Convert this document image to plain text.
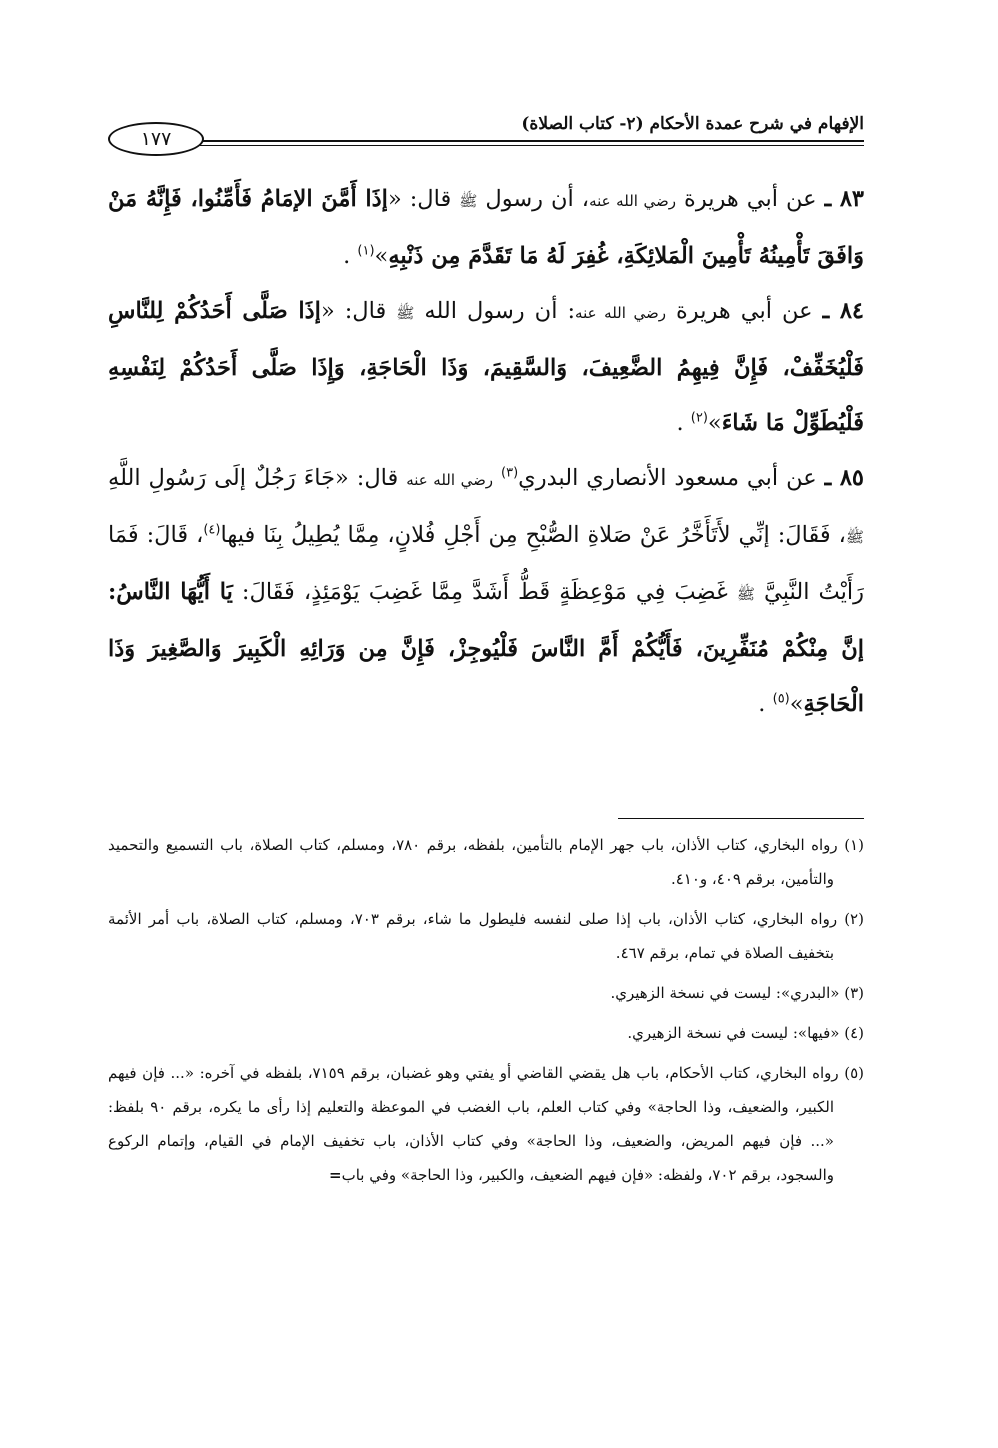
الإفهام في شرح عمدة الأحكام (٢- كتاب الصلاة)
١٧٧

٨٣ ـ عن أبي هريرة رضي الله عنه، أن رسول ﷺ قال: «إذَا أَمَّنَ الإمَامُ فَأَمِّنُوا، فَإِنَّهُ مَنْ وَافَقَ تَأْمِينُهُ تَأْمِينَ الْمَلائِكَةِ، غُفِرَ لَهُ مَا تَقَدَّمَ مِن ذَنْبِهِ»$^{(١)}$ .

٨٤ ـ عن أبي هريرة رضي الله عنه: أن رسول الله ﷺ قال: «إذَا صَلَّى أَحَدُكُمْ لِلنَّاسِ فَلْيُخَفِّفْ، فَإِنَّ فِيهِمُ الضَّعِيفَ، وَالسَّقِيمَ، وَذَا الْحَاجَةِ، وَإِذَا صَلَّى أَحَدُكُمْ لِنَفْسِهِ فَلْيُطَوِّلْ مَا شَاءَ»$^{(٢)}$ .

٨٥ ـ عن أبي مسعود الأنصاري البدري$^{(٣)}$ رضي الله عنه قال: «جَاءَ رَجُلٌ إلَى رَسُولِ اللَّهِ ﷺ، فَقَالَ: إنِّي لأَتَأَخَّرُ عَنْ صَلاةِ الصُّبْحِ مِن أَجْلِ فُلانٍ، مِمَّا يُطِيلُ بِنَا فيها$^{(٤)}$، قَالَ: فَمَا رَأَيْتُ النَّبِيَّ ﷺ غَضِبَ فِي مَوْعِظَةٍ قَطُّ أَشَدَّ مِمَّا غَضِبَ يَوْمَئِذٍ، فَقَالَ: يَا أَيُّهَا النَّاسُ: إنَّ مِنْكُمْ مُنَفِّرِينَ، فَأَيُّكُمْ أَمَّ النَّاسَ فَلْيُوجِزْ، فَإِنَّ مِن وَرَائِهِ الْكَبِيرَ وَالصَّغِيرَ وَذَا الْحَاجَةِ»$^{(٥)}$ .

(١) رواه البخاري، كتاب الأذان، باب جهر الإمام بالتأمين، بلفظه، برقم ٧٨٠، ومسلم، كتاب الصلاة، باب التسميع والتحميد والتأمين، برقم ٤٠٩، و٤١٠.

(٢) رواه البخاري، كتاب الأذان، باب إذا صلى لنفسه فليطول ما شاء، برقم ٧٠٣، ومسلم، كتاب الصلاة، باب أمر الأئمة بتخفيف الصلاة في تمام، برقم ٤٦٧.

(٣) «البدري»: ليست في نسخة الزهيري.

(٤) «فيها»: ليست في نسخة الزهيري.

(٥) رواه البخاري، كتاب الأحكام، باب هل يقضي القاضي أو يفتي وهو غضبان، برقم ٧١٥٩، بلفظه في آخره: «... فإن فيهم الكبير، والضعيف، وذا الحاجة» وفي كتاب العلم، باب الغضب في الموعظة والتعليم إذا رأى ما يكره، برقم ٩٠ بلفظ: «... فإن فيهم المريض، والضعيف، وذا الحاجة» وفي كتاب الأذان، باب تخفيف الإمام في القيام، وإتمام الركوع والسجود، برقم ٧٠٢، ولفظه: «فإن فيهم الضعيف، والكبير، وذا الحاجة» وفي باب=
